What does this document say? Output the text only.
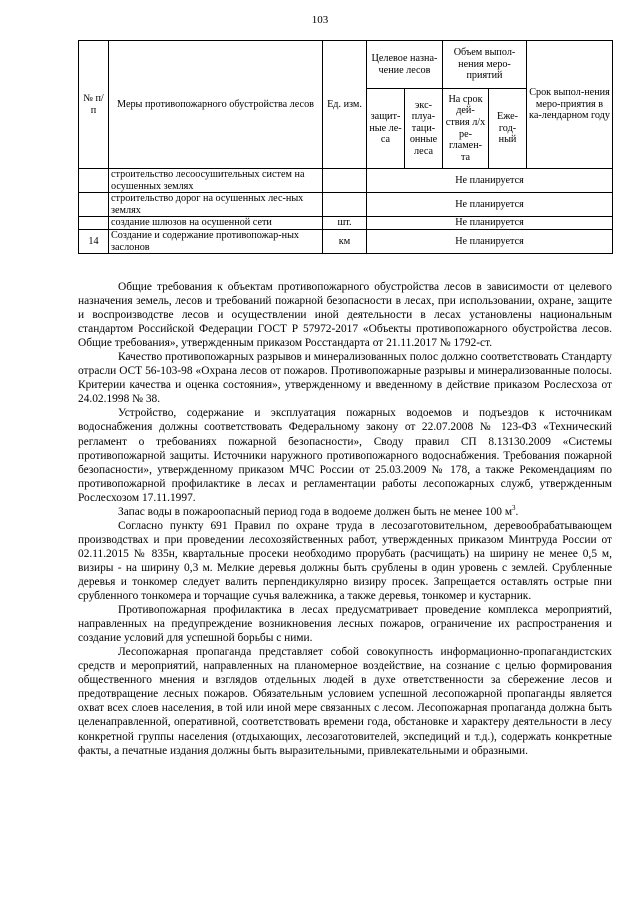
103
№ п/п	Меры противопожарного обустройства лесов	Ед. изм.	Целевое назна-чение лесов		Объем выпол-нения меро-приятий		Срок выпол-нения меро-приятия в ка-лендарном году
			защит-ные ле-са	экс-плуа-таци-онные леса	На срок дей-ствия л/х ре-гламен-та	Еже-год-ный	

	строительство лесоосушительных систем на осушенных землях		Не планируется				
	строительство дорог на осушенных лес-ных землях		Не планируется				
	создание шлюзов на осушенной сети	шт.	Не планируется				
14	Создание и содержание противопожар-ных заслонов	км	Не планируется				

Общие требования к объектам противопожарного обустройства лесов в зависимости от целевого назначения земель, лесов и требований пожарной безопасности в лесах, при использовании, охране, защите и воспроизводстве лесов и осуществлении иной деятельности в лесах установлены национальным стандартом Российской Федерации ГОСТ Р 57972-2017 «Объекты противопожарного обустройства лесов. Общие требования», утвержденным приказом Росстандарта от 21.11.2017 № 1792-ст.

Качество противопожарных разрывов и минерализованных полос должно соответствовать Стандарту отрасли ОСТ 56-103-98 «Охрана лесов от пожаров. Противопожарные разрывы и минерализованные полосы. Критерии качества и оценка состояния», утвержденному и введенному в действие приказом Рослесхоза от 24.02.1998 № 38.

Устройство, содержание и эксплуатация пожарных водоемов и подъездов к источникам водоснабжения должны соответствовать Федеральному закону от 22.07.2008 № 123-ФЗ «Технический регламент о требованиях пожарной безопасности», Своду правил СП 8.13130.2009 «Системы противопожарной защиты. Источники наружного противопожарного водоснабжения. Требования пожарной безопасности», утвержденному приказом МЧС России от 25.03.2009 № 178, а также Рекомендациям по противопожарной профилактике в лесах и регламентации работы лесопожарных служб, утвержденным Рослесхозом 17.11.1997.

Запас воды в пожароопасный период года в водоеме должен быть не менее 100 $м^3$.

Согласно пункту 691 Правил по охране труда в лесозаготовительном, деревообрабатывающем производствах и при проведении лесохозяйственных работ, утвержденных приказом Минтруда России от 02.11.2015 № 835н, квартальные просеки необходимо прорубать (расчищать) на ширину не менее 0,5 м, визиры - на ширину 0,3 м. Мелкие деревья должны быть срублены в один уровень с землей. Срубленные деревья и тонкомер следует валить перпендикулярно визиру просек. Запрещается оставлять острые пни срубленного тонкомера и торчащие сучья валежника, а также деревья, тонкомер и кустарник.

Противопожарная профилактика в лесах предусматривает проведение комплекса мероприятий, направленных на предупреждение возникновения лесных пожаров, ограничение их распространения и создание условий для успешной борьбы с ними.

Лесопожарная пропаганда представляет собой совокупность информационно-пропагандистских средств и мероприятий, направленных на планомерное воздействие, на сознание с целью формирования общественного мнения и взглядов отдельных людей в духе ответственности за сбережение лесов и предотвращение лесных пожаров. Обязательным условием успешной лесопожарной пропаганды является охват всех слоев населения, в той или иной мере связанных с лесом. Лесопожарная пропаганда должна быть целенаправленной, оперативной, соответствовать времени года, обстановке и характеру деятельности в лесу конкретной группы населения (отдыхающих, лесозаготовителей, экспедиций и т.д.), содержать конкретные факты, а печатные издания должны быть выразительными, привлекательными и образными.
